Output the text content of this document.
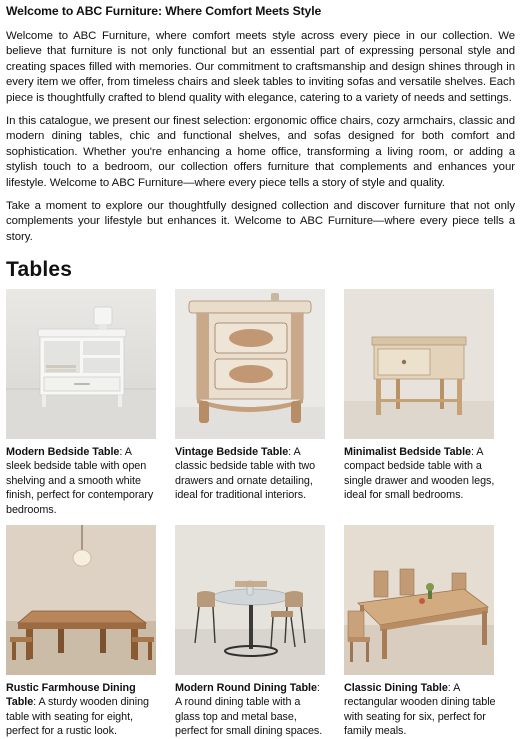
Welcome to ABC Furniture: Where Comfort Meets Style

Welcome to ABC Furniture, where comfort meets style across every piece in our collection. We believe that furniture is not only functional but an essential part of expressing personal style and creating spaces filled with memories. Our commitment to craftsmanship and design shines through in every item we offer, from timeless chairs and sleek tables to inviting sofas and versatile shelves. Each piece is thoughtfully crafted to blend quality with elegance, catering to a variety of needs and settings.

In this catalogue, we present our finest selection: ergonomic office chairs, cozy armchairs, classic and modern dining tables, chic and functional shelves, and sofas designed for both comfort and sophistication. Whether you're enhancing a home office, transforming a living room, or adding a stylish touch to a bedroom, our collection offers furniture that complements and enhances your lifestyle. Welcome to ABC Furniture—where every piece tells a story of style and quality.

Take a moment to explore our thoughtfully designed collection and discover furniture that not only complements your lifestyle but enhances it. Welcome to ABC Furniture—where every piece tells a story.

Tables
Modern Bedside Table: A sleek bedside table with open shelving and a smooth white finish, perfect for contemporary bedrooms.
Vintage Bedside Table: A classic bedside table with two drawers and ornate detailing, ideal for traditional interiors.
Minimalist Bedside Table: A compact bedside table with a single drawer and wooden legs, ideal for small bedrooms.
Rustic Farmhouse Dining Table: A sturdy wooden dining table with seating for eight, perfect for a rustic look.
Modern Round Dining Table: A round dining table with a glass top and metal base, perfect for small dining spaces.
Classic Dining Table: A rectangular wooden dining table with seating for six, perfect for family meals.
